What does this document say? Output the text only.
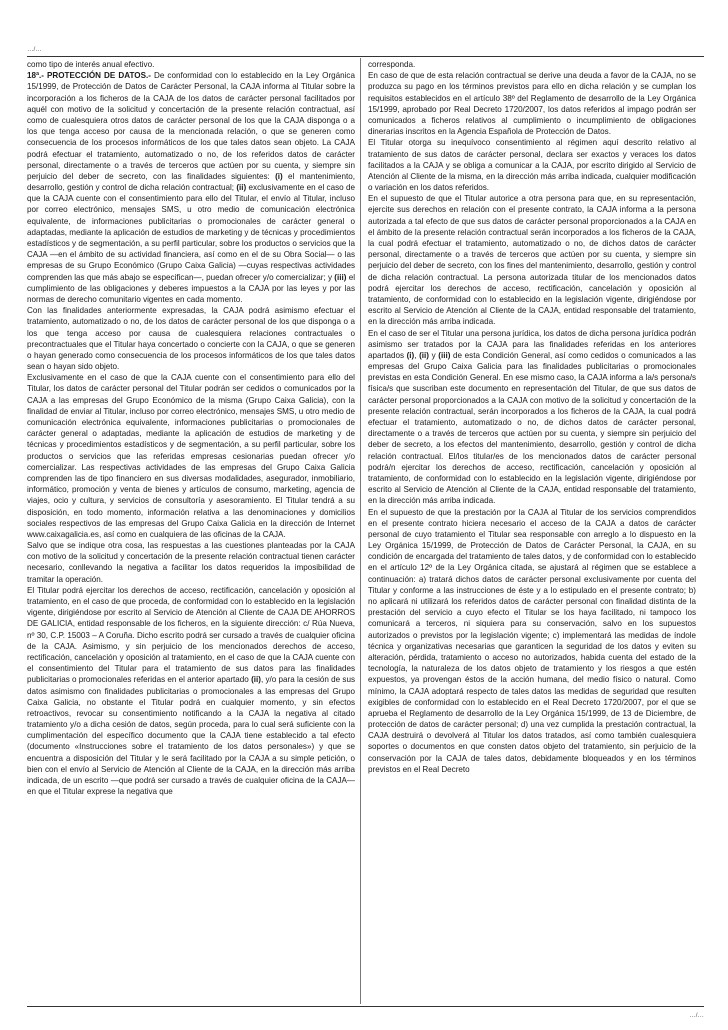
…/…

como tipo de interés anual efectivo.

18ª.- PROTECCIÓN DE DATOS.- De conformidad con lo establecido en la Ley Orgánica 15/1999, de Protección de Datos de Carácter Personal, la CAJA informa al Titular sobre la incorporación a los ficheros de la CAJA de los datos de carácter personal facilitados por aquél con motivo de la solicitud y concertación de la presente relación contractual, así como de cualesquiera otros datos de carácter personal de los que la CAJA disponga o a los que tenga acceso por causa de la mencionada relación, o que se generen como consecuencia de los procesos informáticos de los que tales datos sean objeto. La CAJA podrá efectuar el tratamiento, automatizado o no, de los referidos datos de carácter personal, directamente o a través de terceros que actúen por su cuenta, y siempre sin perjuicio del deber de secreto, con las finalidades siguientes: (i) el mantenimiento, desarrollo, gestión y control de dicha relación contractual; (ii) exclusivamente en el caso de que la CAJA cuente con el consentimiento para ello del Titular, el envío al Titular, incluso por correo electrónico, mensajes SMS, u otro medio de comunicación electrónica equivalente, de informaciones publicitarias o promocionales de carácter general o adaptadas, mediante la aplicación de estudios de marketing y de técnicas y procedimientos estadísticos y de segmentación, a su perfil particular, sobre los productos o servicios que la CAJA —en el ámbito de su actividad financiera, así como en el de su Obra Social— o las empresas de su Grupo Económico (Grupo Caixa Galicia) —cuyas respectivas actividades comprenden las que más abajo se especifican—, puedan ofrecer y/o comercializar; y (iii) el cumplimiento de las obligaciones y deberes impuestos a la CAJA por las leyes y por las normas de derecho comunitario vigentes en cada momento.

Con las finalidades anteriormente expresadas, la CAJA podrá asimismo efectuar el tratamiento, automatizado o no, de los datos de carácter personal de los que disponga o a los que tenga acceso por causa de cualesquiera relaciones contractuales o precontractuales que el Titular haya concertado o concierte con la CAJA, o que se generen o hayan generado como consecuencia de los procesos informáticos de los que tales datos sean o hayan sido objeto.

Exclusivamente en el caso de que la CAJA cuente con el consentimiento para ello del Titular, los datos de carácter personal del Titular podrán ser cedidos o comunicados por la CAJA a las empresas del Grupo Económico de la misma (Grupo Caixa Galicia), con la finalidad de enviar al Titular, incluso por correo electrónico, mensajes SMS, u otro medio de comunicación electrónica equivalente, informaciones publicitarias o promocionales de carácter general o adaptadas, mediante la aplicación de estudios de marketing y de técnicas y procedimientos estadísticos y de segmentación, a su perfil particular, sobre los productos o servicios que las referidas empresas cesionarias puedan ofrecer y/o comercializar. Las respectivas actividades de las empresas del Grupo Caixa Galicia comprenden las de tipo financiero en sus diversas modalidades, asegurador, inmobiliario, informático, promoción y venta de bienes y artículos de consumo, marketing, agencia de viajes, ocio y cultura, y servicios de consultoría y asesoramiento. El Titular tendrá a su disposición, en todo momento, información relativa a las denominaciones y domicilios sociales respectivos de las empresas del Grupo Caixa Galicia en la dirección de Internet www.caixagalicia.es, así como en cualquiera de las oficinas de la CAJA.

Salvo que se indique otra cosa, las respuestas a las cuestiones planteadas por la CAJA con motivo de la solicitud y concertación de la presente relación contractual tienen carácter necesario, conllevando la negativa a facilitar los datos requeridos la imposibilidad de tramitar la operación.

El Titular podrá ejercitar los derechos de acceso, rectificación, cancelación y oposición al tratamiento, en el caso de que proceda, de conformidad con lo establecido en la legislación vigente, dirigiéndose por escrito al Servicio de Atención al Cliente de CAJA DE AHORROS DE GALICIA, entidad responsable de los ficheros, en la siguiente dirección: c/ Rúa Nueva, nº 30, C.P. 15003 – A Coruña. Dicho escrito podrá ser cursado a través de cualquier oficina de la CAJA. Asimismo, y sin perjuicio de los mencionados derechos de acceso, rectificación, cancelación y oposición al tratamiento, en el caso de que la CAJA cuente con el consentimiento del Titular para el tratamiento de sus datos para las finalidades publicitarias o promocionales referidas en el anterior apartado (ii), y/o para la cesión de sus datos asimismo con finalidades publicitarias o promocionales a las empresas del Grupo Caixa Galicia, no obstante el Titular podrá en cualquier momento, y sin efectos retroactivos, revocar su consentimiento notificando a la CAJA la negativa al citado tratamiento y/o a dicha cesión de datos, según proceda, para lo cual será suficiente con la cumplimentación del específico documento que la CAJA tiene establecido a tal efecto (documento «Instrucciones sobre el tratamiento de los datos personales») y que se encuentra a disposición del Titular y le será facilitado por la CAJA a su simple petición, o bien con el envío al Servicio de Atención al Cliente de la CAJA, en la dirección más arriba indicada, de un escrito —que podrá ser cursado a través de cualquier oficina de la CAJA— en que el Titular exprese la negativa que

corresponda.

En caso de que de esta relación contractual se derive una deuda a favor de la CAJA, no se produzca su pago en los términos previstos para ello en dicha relación y se cumplan los requisitos establecidos en el artículo 38º del Reglamento de desarrollo de la Ley Orgánica 15/1999, aprobado por Real Decreto 1720/2007, los datos referidos al impago podrán ser comunicados a ficheros relativos al cumplimiento o incumplimiento de obligaciones dinerarias inscritos en la Agencia Española de Protección de Datos.

El Titular otorga su inequívoco consentimiento al régimen aquí descrito relativo al tratamiento de sus datos de carácter personal, declara ser exactos y veraces los datos facilitados a la CAJA y se obliga a comunicar a la CAJA, por escrito dirigido al Servicio de Atención al Cliente de la misma, en la dirección más arriba indicada, cualquier modificación o variación en los datos referidos.

En el supuesto de que el Titular autorice a otra persona para que, en su representación, ejercite sus derechos en relación con el presente contrato, la CAJA informa a la persona autorizada a tal efecto de que sus datos de carácter personal proporcionados a la CAJA en el ámbito de la presente relación contractual serán incorporados a los ficheros de la CAJA, la cual podrá efectuar el tratamiento, automatizado o no, de dichos datos de carácter personal, directamente o a través de terceros que actúen por su cuenta, y siempre sin perjuicio del deber de secreto, con los fines del mantenimiento, desarrollo, gestión y control de dicha relación contractual. La persona autorizada titular de los mencionados datos podrá ejercitar los derechos de acceso, rectificación, cancelación y oposición al tratamiento, de conformidad con lo establecido en la legislación vigente, dirigiéndose por escrito al Servicio de Atención al Cliente de la CAJA, entidad responsable del tratamiento, en la dirección más arriba indicada.

En el caso de ser el Titular una persona jurídica, los datos de dicha persona jurídica podrán asimismo ser tratados por la CAJA para las finalidades referidas en los anteriores apartados (i), (ii) y (iii) de esta Condición General, así como cedidos o comunicados a las empresas del Grupo Caixa Galicia para las finalidades publicitarias o promocionales previstas en esta Condición General. En ese mismo caso, la CAJA informa a la/s persona/s física/s que suscriban este documento en representación del Titular, de que sus datos de carácter personal proporcionados a la CAJA con motivo de la solicitud y concertación de la presente relación contractual, serán incorporados a los ficheros de la CAJA, la cual podrá efectuar el tratamiento, automatizado o no, de dichos datos de carácter personal, directamente o a través de terceros que actúen por su cuenta, y siempre sin perjuicio del deber de secreto, a los efectos del mantenimiento, desarrollo, gestión y control de dicha relación contractual. El/los titular/es de los mencionados datos de carácter personal podrá/n ejercitar los derechos de acceso, rectificación, cancelación y oposición al tratamiento, de conformidad con lo establecido en la legislación vigente, dirigiéndose por escrito al Servicio de Atención al Cliente de la CAJA, entidad responsable del tratamiento, en la dirección más arriba indicada.

En el supuesto de que la prestación por la CAJA al Titular de los servicios comprendidos en el presente contrato hiciera necesario el acceso de la CAJA a datos de carácter personal de cuyo tratamiento el Titular sea responsable con arreglo a lo dispuesto en la Ley Orgánica 15/1999, de Protección de Datos de Carácter Personal, la CAJA, en su condición de encargada del tratamiento de tales datos, y de conformidad con lo establecido en el artículo 12º de la Ley Orgánica citada, se ajustará al régimen que se establece a continuación: a) tratará dichos datos de carácter personal exclusivamente por cuenta del Titular y conforme a las instrucciones de éste y a lo estipulado en el presente contrato; b) no aplicará ni utilizará los referidos datos de carácter personal con finalidad distinta de la prestación del servicio a cuyo efecto el Titular se los haya facilitado, ni tampoco los comunicará a terceros, ni siquiera para su conservación, salvo en los supuestos autorizados o previstos por la legislación vigente; c) implementará las medidas de índole técnica y organizativas necesarias que garanticen la seguridad de los datos y eviten su alteración, pérdida, tratamiento o acceso no autorizados, habida cuenta del estado de la tecnología, la naturaleza de los datos objeto de tratamiento y los riesgos a que estén expuestos, ya provengan éstos de la acción humana, del medio físico o natural. Como mínimo, la CAJA adoptará respecto de tales datos las medidas de seguridad que resulten exigibles de conformidad con lo establecido en el Real Decreto 1720/2007, por el que se aprueba el Reglamento de desarrollo de la Ley Orgánica 15/1999, de 13 de Diciembre, de protección de datos de carácter personal; d) una vez cumplida la prestación contractual, la CAJA destruirá o devolverá al Titular los datos tratados, así como también cualesquiera soportes o documentos en que consten datos objeto del tratamiento, sin perjuicio de la conservación por la CAJA de tales datos, debidamente bloqueados y en los términos previstos en el Real Decreto

…/…
